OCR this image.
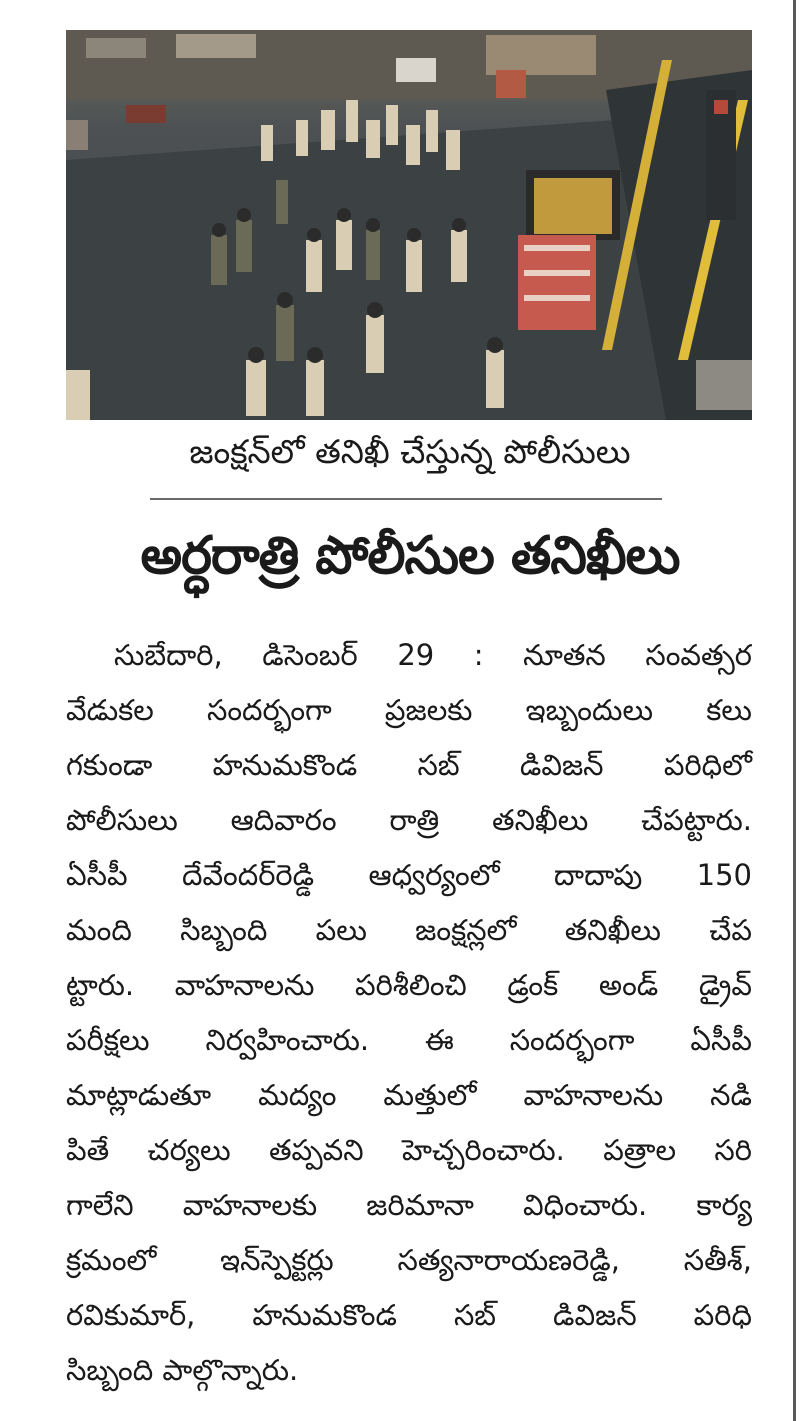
జంక్షన్‌లో తనిఖీ చేస్తున్న పోలీసులు
అర్ధరాత్రి పోలీసుల తనిఖీలు
సుబేదారి, డిసెంబర్‌ 29 : నూతన సంవత్సర
వేడుకల సందర్భంగా ప్రజలకు ఇబ్బందులు కలు
గకుండా హనుమకొండ సబ్‌ డివిజన్‌ పరిధిలో
పోలీసులు ఆదివారం రాత్రి తనిఖీలు చేపట్టారు.
ఏసీపీ దేవేందర్‌రెడ్డి ఆధ్వర్యంలో దాదాపు 150
మంది సిబ్బంది పలు జంక్షన్లలో తనిఖీలు చేప
ట్టారు. వాహనాలను పరిశీలించి డ్రంక్‌ అండ్‌ డ్రైవ్‌
పరీక్షలు నిర్వహించారు. ఈ సందర్భంగా ఏసీపీ
మాట్లాడుతూ మద్యం మత్తులో వాహనాలను నడి
పితే చర్యలు తప్పవని హెచ్చరించారు. పత్రాల సరి
గాలేని వాహనాలకు జరిమానా విధించారు. కార్య
క్రమంలో ఇన్‌స్పెక్టర్లు సత్యనారాయణరెడ్డి, సతీశ్‌,
రవికుమార్‌, హనుమకొండ సబ్‌ డివిజన్‌ పరిధి
సిబ్బంది
పాల్గొన్నారు.
